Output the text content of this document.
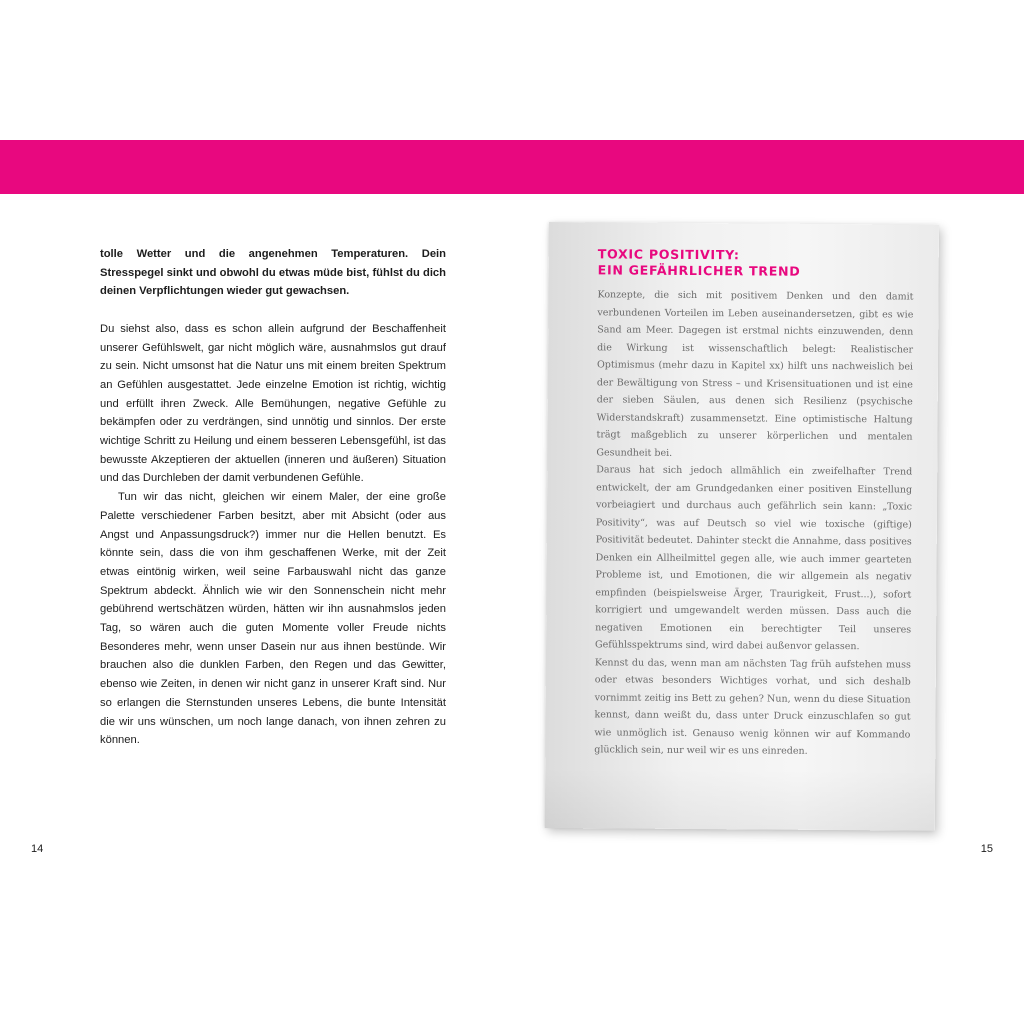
tolle Wetter und die angenehmen Temperaturen. Dein Stresspegel sinkt und obwohl du etwas müde bist, fühlst du dich deinen Verpflichtungen wieder gut gewachsen.

Du siehst also, dass es schon allein aufgrund der Beschaffenheit unserer Gefühlswelt, gar nicht möglich wäre, ausnahmslos gut drauf zu sein. Nicht umsonst hat die Natur uns mit einem breiten Spektrum an Gefühlen ausgestattet. Jede einzelne Emotion ist richtig, wichtig und erfüllt ihren Zweck. Alle Bemühungen, negative Gefühle zu bekämpfen oder zu verdrängen, sind unnötig und sinnlos. Der erste wichtige Schritt zu Heilung und einem besseren Lebensgefühl, ist das bewusste Akzeptieren der aktuellen (inneren und äußeren) Situation und das Durchleben der damit verbundenen Gefühle.

Tun wir das nicht, gleichen wir einem Maler, der eine große Palette verschiedener Farben besitzt, aber mit Absicht (oder aus Angst und Anpassungsdruck?) immer nur die Hellen benutzt. Es könnte sein, dass die von ihm geschaffenen Werke, mit der Zeit etwas eintönig wirken, weil seine Farbauswahl nicht das ganze Spektrum abdeckt. Ähnlich wie wir den Sonnenschein nicht mehr gebührend wertschätzen würden, hätten wir ihn ausnahmslos jeden Tag, so wären auch die guten Momente voller Freude nichts Besonderes mehr, wenn unser Dasein nur aus ihnen bestünde. Wir brauchen also die dunklen Farben, den Regen und das Gewitter, ebenso wie Zeiten, in denen wir nicht ganz in unserer Kraft sind. Nur so erlangen die Sternstunden unseres Lebens, die bunte Intensität die wir uns wünschen, um noch lange danach, von ihnen zehren zu können.

14	15
TOXIC POSITIVITY:
EIN GEFÄHRLICHER TREND

Konzepte, die sich mit positivem Denken und den damit verbundenen Vorteilen im Leben auseinandersetzen, gibt es wie Sand am Meer. Dagegen ist erstmal nichts einzuwenden, denn die Wirkung ist wissenschaftlich belegt: Realistischer Optimismus (mehr dazu in Kapitel xx) hilft uns nachweislich bei der Bewältigung von Stress – und Krisensituationen und ist eine der sieben Säulen, aus denen sich Resilienz (psychische Widerstandskraft) zusammensetzt. Eine optimistische Haltung trägt maßgeblich zu unserer körperlichen und mentalen Gesundheit bei.

Daraus hat sich jedoch allmählich ein zweifelhafter Trend entwickelt, der am Grundgedanken einer positiven Einstellung vorbeiagiert und durchaus auch gefährlich sein kann: „Toxic Positivity“, was auf Deutsch so viel wie toxische (giftige) Positivität bedeutet. Dahinter steckt die Annahme, dass positives Denken ein Allheilmittel gegen alle, wie auch immer gearteten Probleme ist, und Emotionen, die wir allgemein als negativ empfinden (beispielsweise Ärger, Traurigkeit, Frust...), sofort korrigiert und umgewandelt werden müssen. Dass auch die negativen Emotionen ein berechtigter Teil unseres Gefühlsspektrums sind, wird dabei außenvor gelassen.

Kennst du das, wenn man am nächsten Tag früh aufstehen muss oder etwas besonders Wichtiges vorhat, und sich deshalb vornimmt zeitig ins Bett zu gehen? Nun, wenn du diese Situation kennst, dann weißt du, dass unter Druck einzuschlafen so gut wie unmöglich ist. Genauso wenig können wir auf Kommando glücklich sein, nur weil wir es uns einreden.
